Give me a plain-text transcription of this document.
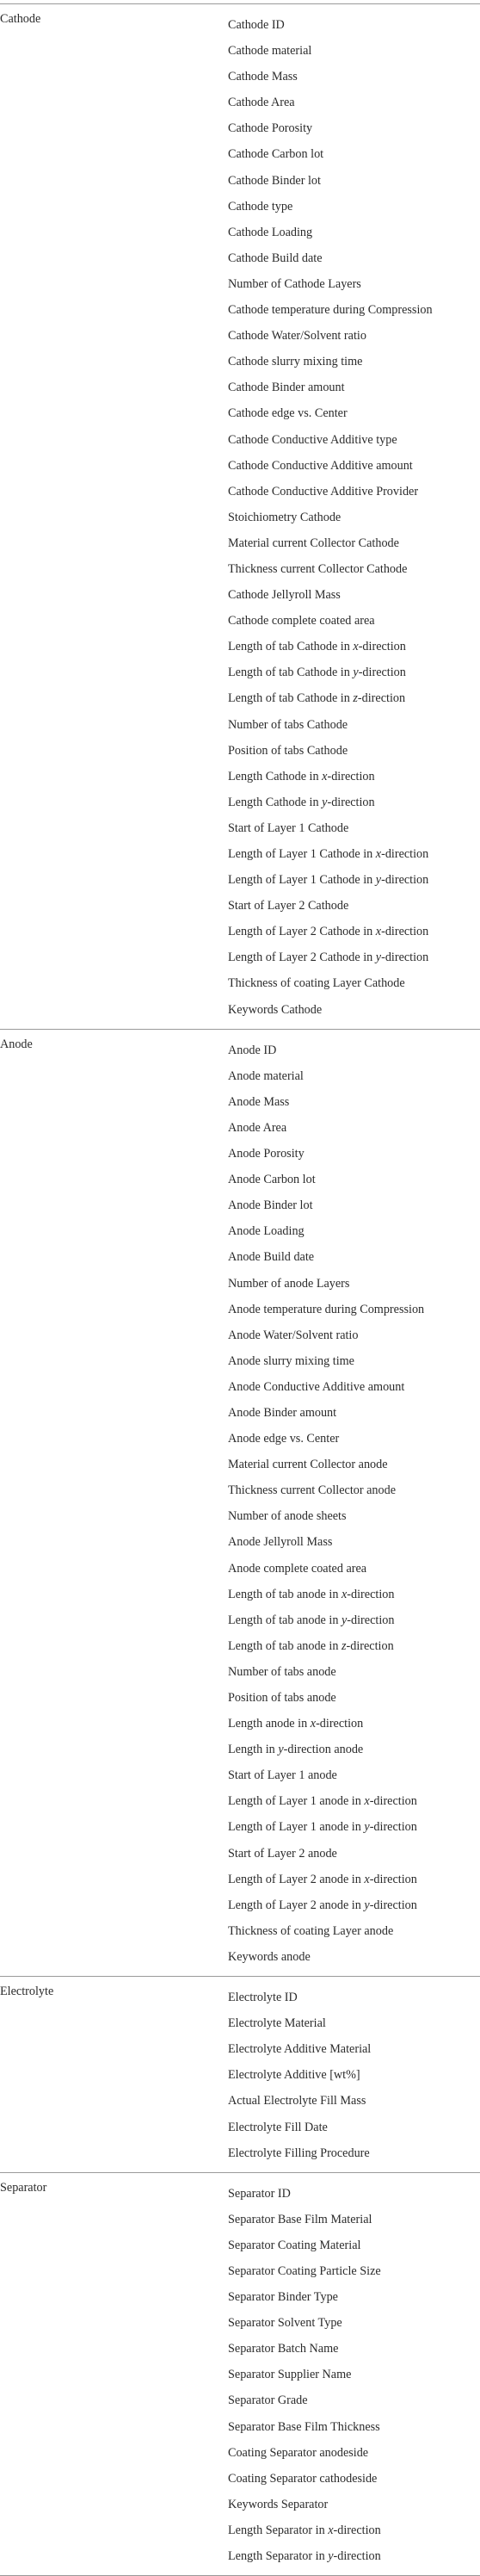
Cathode	Cathode ID
Cathode material
Cathode Mass
Cathode Area
Cathode Porosity
Cathode Carbon lot
Cathode Binder lot
Cathode type
Cathode Loading
Cathode Build date
Number of Cathode Layers
Cathode temperature during Compression
Cathode Water/Solvent ratio
Cathode slurry mixing time
Cathode Binder amount
Cathode edge vs. Center
Cathode Conductive Additive type
Cathode Conductive Additive amount
Cathode Conductive Additive Provider
Stoichiometry Cathode
Material current Collector Cathode
Thickness current Collector Cathode
Cathode Jellyroll Mass
Cathode complete coated area
Length of tab Cathode in x-direction
Length of tab Cathode in y-direction
Length of tab Cathode in z-direction
Number of tabs Cathode
Position of tabs Cathode
Length Cathode in x-direction
Length Cathode in y-direction
Start of Layer 1 Cathode
Length of Layer 1 Cathode in x-direction
Length of Layer 1 Cathode in y-direction
Start of Layer 2 Cathode
Length of Layer 2 Cathode in x-direction
Length of Layer 2 Cathode in y-direction
Thickness of coating Layer Cathode
Keywords Cathode
Anode	Anode ID
Anode material
Anode Mass
Anode Area
Anode Porosity
Anode Carbon lot
Anode Binder lot
Anode Loading
Anode Build date
Number of anode Layers
Anode temperature during Compression
Anode Water/Solvent ratio
Anode slurry mixing time
Anode Conductive Additive amount
Anode Binder amount
Anode edge vs. Center
Material current Collector anode
Thickness current Collector anode
Number of anode sheets
Anode Jellyroll Mass
Anode complete coated area
Length of tab anode in x-direction
Length of tab anode in y-direction
Length of tab anode in z-direction
Number of tabs anode
Position of tabs anode
Length anode in x-direction
Length in y-direction anode
Start of Layer 1 anode
Length of Layer 1 anode in x-direction
Length of Layer 1 anode in y-direction
Start of Layer 2 anode
Length of Layer 2 anode in x-direction
Length of Layer 2 anode in y-direction
Thickness of coating Layer anode
Keywords anode
Electrolyte	Electrolyte ID
Electrolyte Material
Electrolyte Additive Material
Electrolyte Additive [wt%]
Actual Electrolyte Fill Mass
Electrolyte Fill Date
Electrolyte Filling Procedure
Separator	Separator ID
Separator Base Film Material
Separator Coating Material
Separator Coating Particle Size
Separator Binder Type
Separator Solvent Type
Separator Batch Name
Separator Supplier Name
Separator Grade
Separator Base Film Thickness
Coating Separator anodeside
Coating Separator cathodeside
Keywords Separator
Length Separator in x-direction
Length Separator in y-direction
